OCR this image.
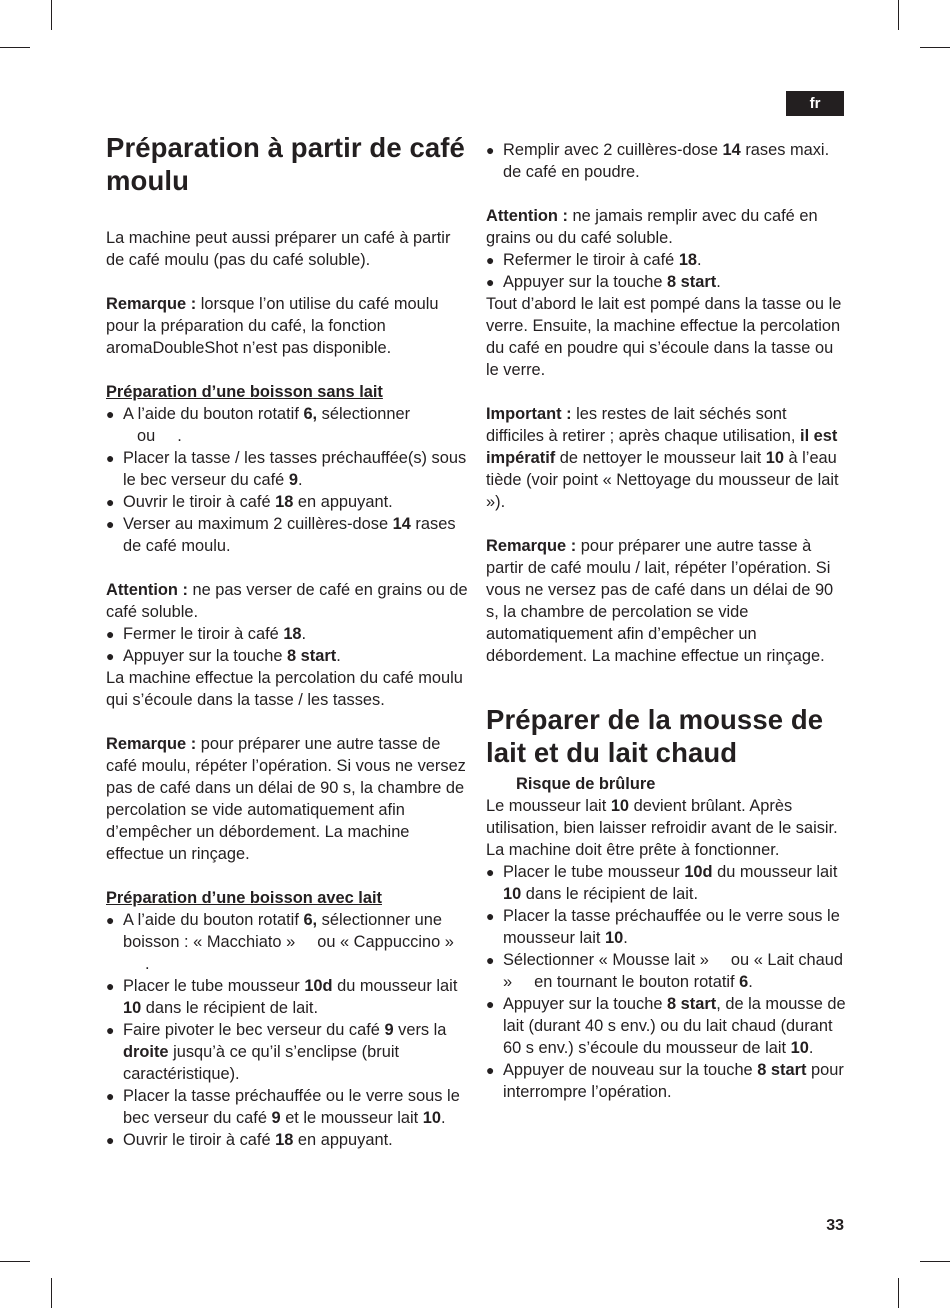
fr
Préparation à partir de café moulu

La machine peut aussi préparer un café à partir de café moulu (pas du café soluble).

Remarque : lorsque l’on utilise du café moulu pour la préparation du café, la fonction aromaDoubleShot n’est pas disponible.

Préparation d’une boisson sans lait

● A l’aide du bouton rotatif 6, sélectionner
ou .

● Placer la tasse / les tasses préchauffée(s) sous le bec verseur du café 9.

● Ouvrir le tiroir à café 18 en appuyant.

● Verser au maximum 2 cuillères-dose 14 rases de café moulu.

Attention : ne pas verser de café en grains ou de café soluble.

● Fermer le tiroir à café 18.

● Appuyer sur la touche 8 start.

La machine effectue la percolation du café moulu qui s’écoule dans la tasse / les tasses.

Remarque : pour préparer une autre tasse de café moulu, répéter l’opération. Si vous ne versez pas de café dans un délai de 90 s, la chambre de percolation se vide automatiquement afin d’empêcher un débordement. La machine effectue un rinçage.

Préparation d’une boisson avec lait

● A l’aide du bouton rotatif 6, sélectionner une boisson : « Macchiato » ou « Cappuccino ».

● Placer le tube mousseur 10d du mousseur lait 10 dans le récipient de lait.

● Faire pivoter le bec verseur du café 9 vers la droite jusqu’à ce qu’il s’enclipse (bruit caractéristique).

● Placer la tasse préchauffée ou le verre sous le bec verseur du café 9 et le mousseur lait 10.

● Ouvrir le tiroir à café 18 en appuyant.

● Remplir avec 2 cuillères-dose 14 rases maxi. de café en poudre.

Attention : ne jamais remplir avec du café en grains ou du café soluble.

● Refermer le tiroir à café 18.

● Appuyer sur la touche 8 start.

Tout d’abord le lait est pompé dans la tasse ou le verre. Ensuite, la machine effectue la percolation du café en poudre qui s’écoule dans la tasse ou le verre.

Important : les restes de lait séchés sont difficiles à retirer ; après chaque utilisation, il est impératif de nettoyer le mousseur lait 10 à l’eau tiède (voir point « Nettoyage du mousseur de lait »).

Remarque : pour préparer une autre tasse à partir de café moulu / lait, répéter l’opération. Si vous ne versez pas de café dans un délai de 90 s, la chambre de percolation se vide automatiquement afin d’empêcher un débordement. La machine effectue un rinçage.

Préparer de la mousse de lait et du lait chaud

Risque de brûlure

Le mousseur lait 10 devient brûlant. Après utilisation, bien laisser refroidir avant de le saisir.

La machine doit être prête à fonctionner.

● Placer le tube mousseur 10d du mousseur lait 10 dans le récipient de lait.

● Placer la tasse préchauffée ou le verre sous le mousseur lait 10.

● Sélectionner « Mousse lait » ou « Lait chaud » en tournant le bouton rotatif 6.

● Appuyer sur la touche 8 start, de la mousse de lait (durant 40 s env.) ou du lait chaud (durant 60 s env.) s’écoule du mousseur de lait 10.

● Appuyer de nouveau sur la touche 8 start pour interrompre l’opération.

33
